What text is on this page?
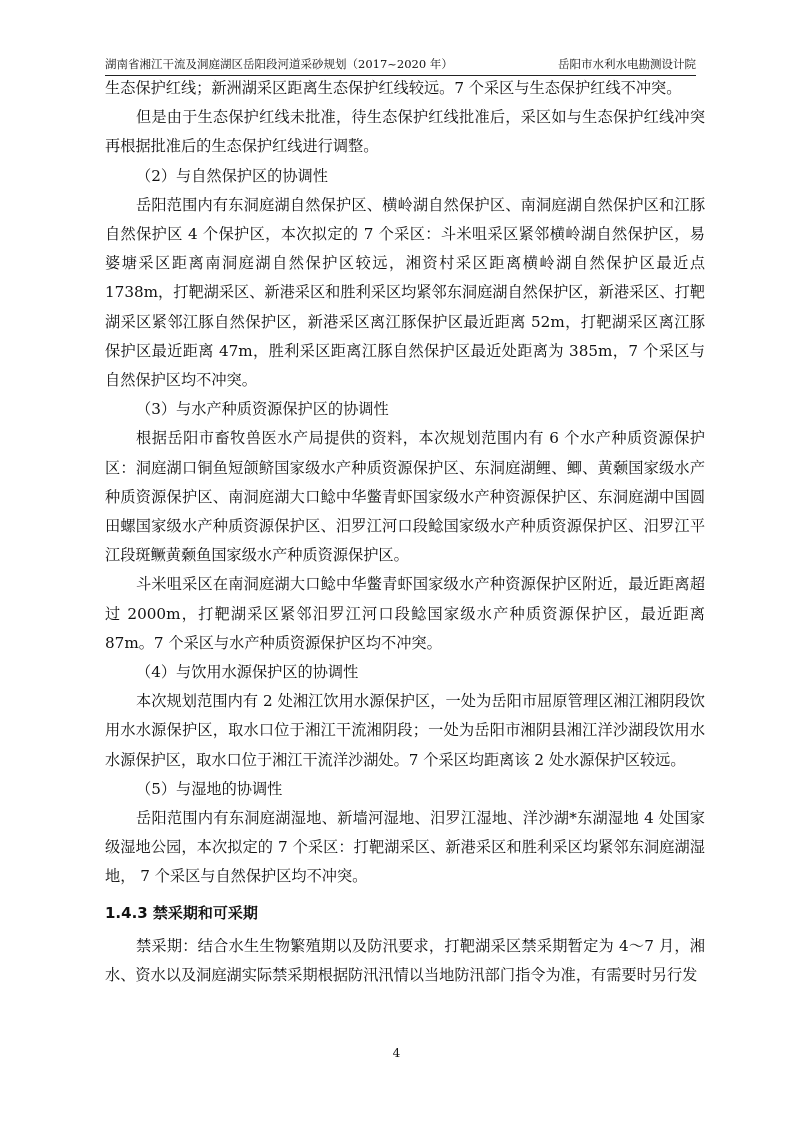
湖南省湘江干流及洞庭湖区岳阳段河道采砂规划（2017~2020 年）	岳阳市水利水电勘测设计院

生态保护红线；新洲湖采区距离生态保护红线较远。7 个采区与生态保护红线不冲突。

但是由于生态保护红线未批准，待生态保护红线批准后，采区如与生态保护红线冲突再根据批准后的生态保护红线进行调整。

（2）与自然保护区的协调性

岳阳范围内有东洞庭湖自然保护区、横岭湖自然保护区、南洞庭湖自然保护区和江豚自然保护区 4 个保护区，本次拟定的 7 个采区：斗米咀采区紧邻横岭湖自然保护区，易婆塘采区距离南洞庭湖自然保护区较远，湘资村采区距离横岭湖自然保护区最近点 1738m，打靶湖采区、新港采区和胜利采区均紧邻东洞庭湖自然保护区，新港采区、打靶湖采区紧邻江豚自然保护区，新港采区离江豚保护区最近距离 52m，打靶湖采区离江豚保护区最近距离 47m，胜利采区距离江豚自然保护区最近处距离为 385m，7 个采区与自然保护区均不冲突。

（3）与水产种质资源保护区的协调性

根据岳阳市畜牧兽医水产局提供的资料，本次规划范围内有 6 个水产种质资源保护区：洞庭湖口铜鱼短颌鲚国家级水产种质资源保护区、东洞庭湖鲤、鲫、黄颡国家级水产种质资源保护区、南洞庭湖大口鲶中华鳖青虾国家级水产种资源保护区、东洞庭湖中国圆田螺国家级水产种质资源保护区、汨罗江河口段鲶国家级水产种质资源保护区、汨罗江平江段斑鳜黄颡鱼国家级水产种质资源保护区。

斗米咀采区在南洞庭湖大口鲶中华鳖青虾国家级水产种资源保护区附近，最近距离超过 2000m，打靶湖采区紧邻汨罗江河口段鲶国家级水产种质资源保护区，最近距离 87m。7 个采区与水产种质资源保护区均不冲突。

（4）与饮用水源保护区的协调性

本次规划范围内有 2 处湘江饮用水源保护区，一处为岳阳市屈原管理区湘江湘阴段饮用水水源保护区，取水口位于湘江干流湘阴段；一处为岳阳市湘阴县湘江洋沙湖段饮用水水源保护区，取水口位于湘江干流洋沙湖处。7 个采区均距离该 2 处水源保护区较远。

（5）与湿地的协调性

岳阳范围内有东洞庭湖湿地、新墙河湿地、汨罗江湿地、洋沙湖*东湖湿地 4 处国家级湿地公园，本次拟定的 7 个采区：打靶湖采区、新港采区和胜利采区均紧邻东洞庭湖湿地， 7 个采区与自然保护区均不冲突。

1.4.3 禁采期和可采期

禁采期：结合水生生物繁殖期以及防汛要求，打靶湖采区禁采期暂定为 4～7 月，湘水、资水以及洞庭湖实际禁采期根据防汛汛情以当地防汛部门指令为准，有需要时另行发

4
